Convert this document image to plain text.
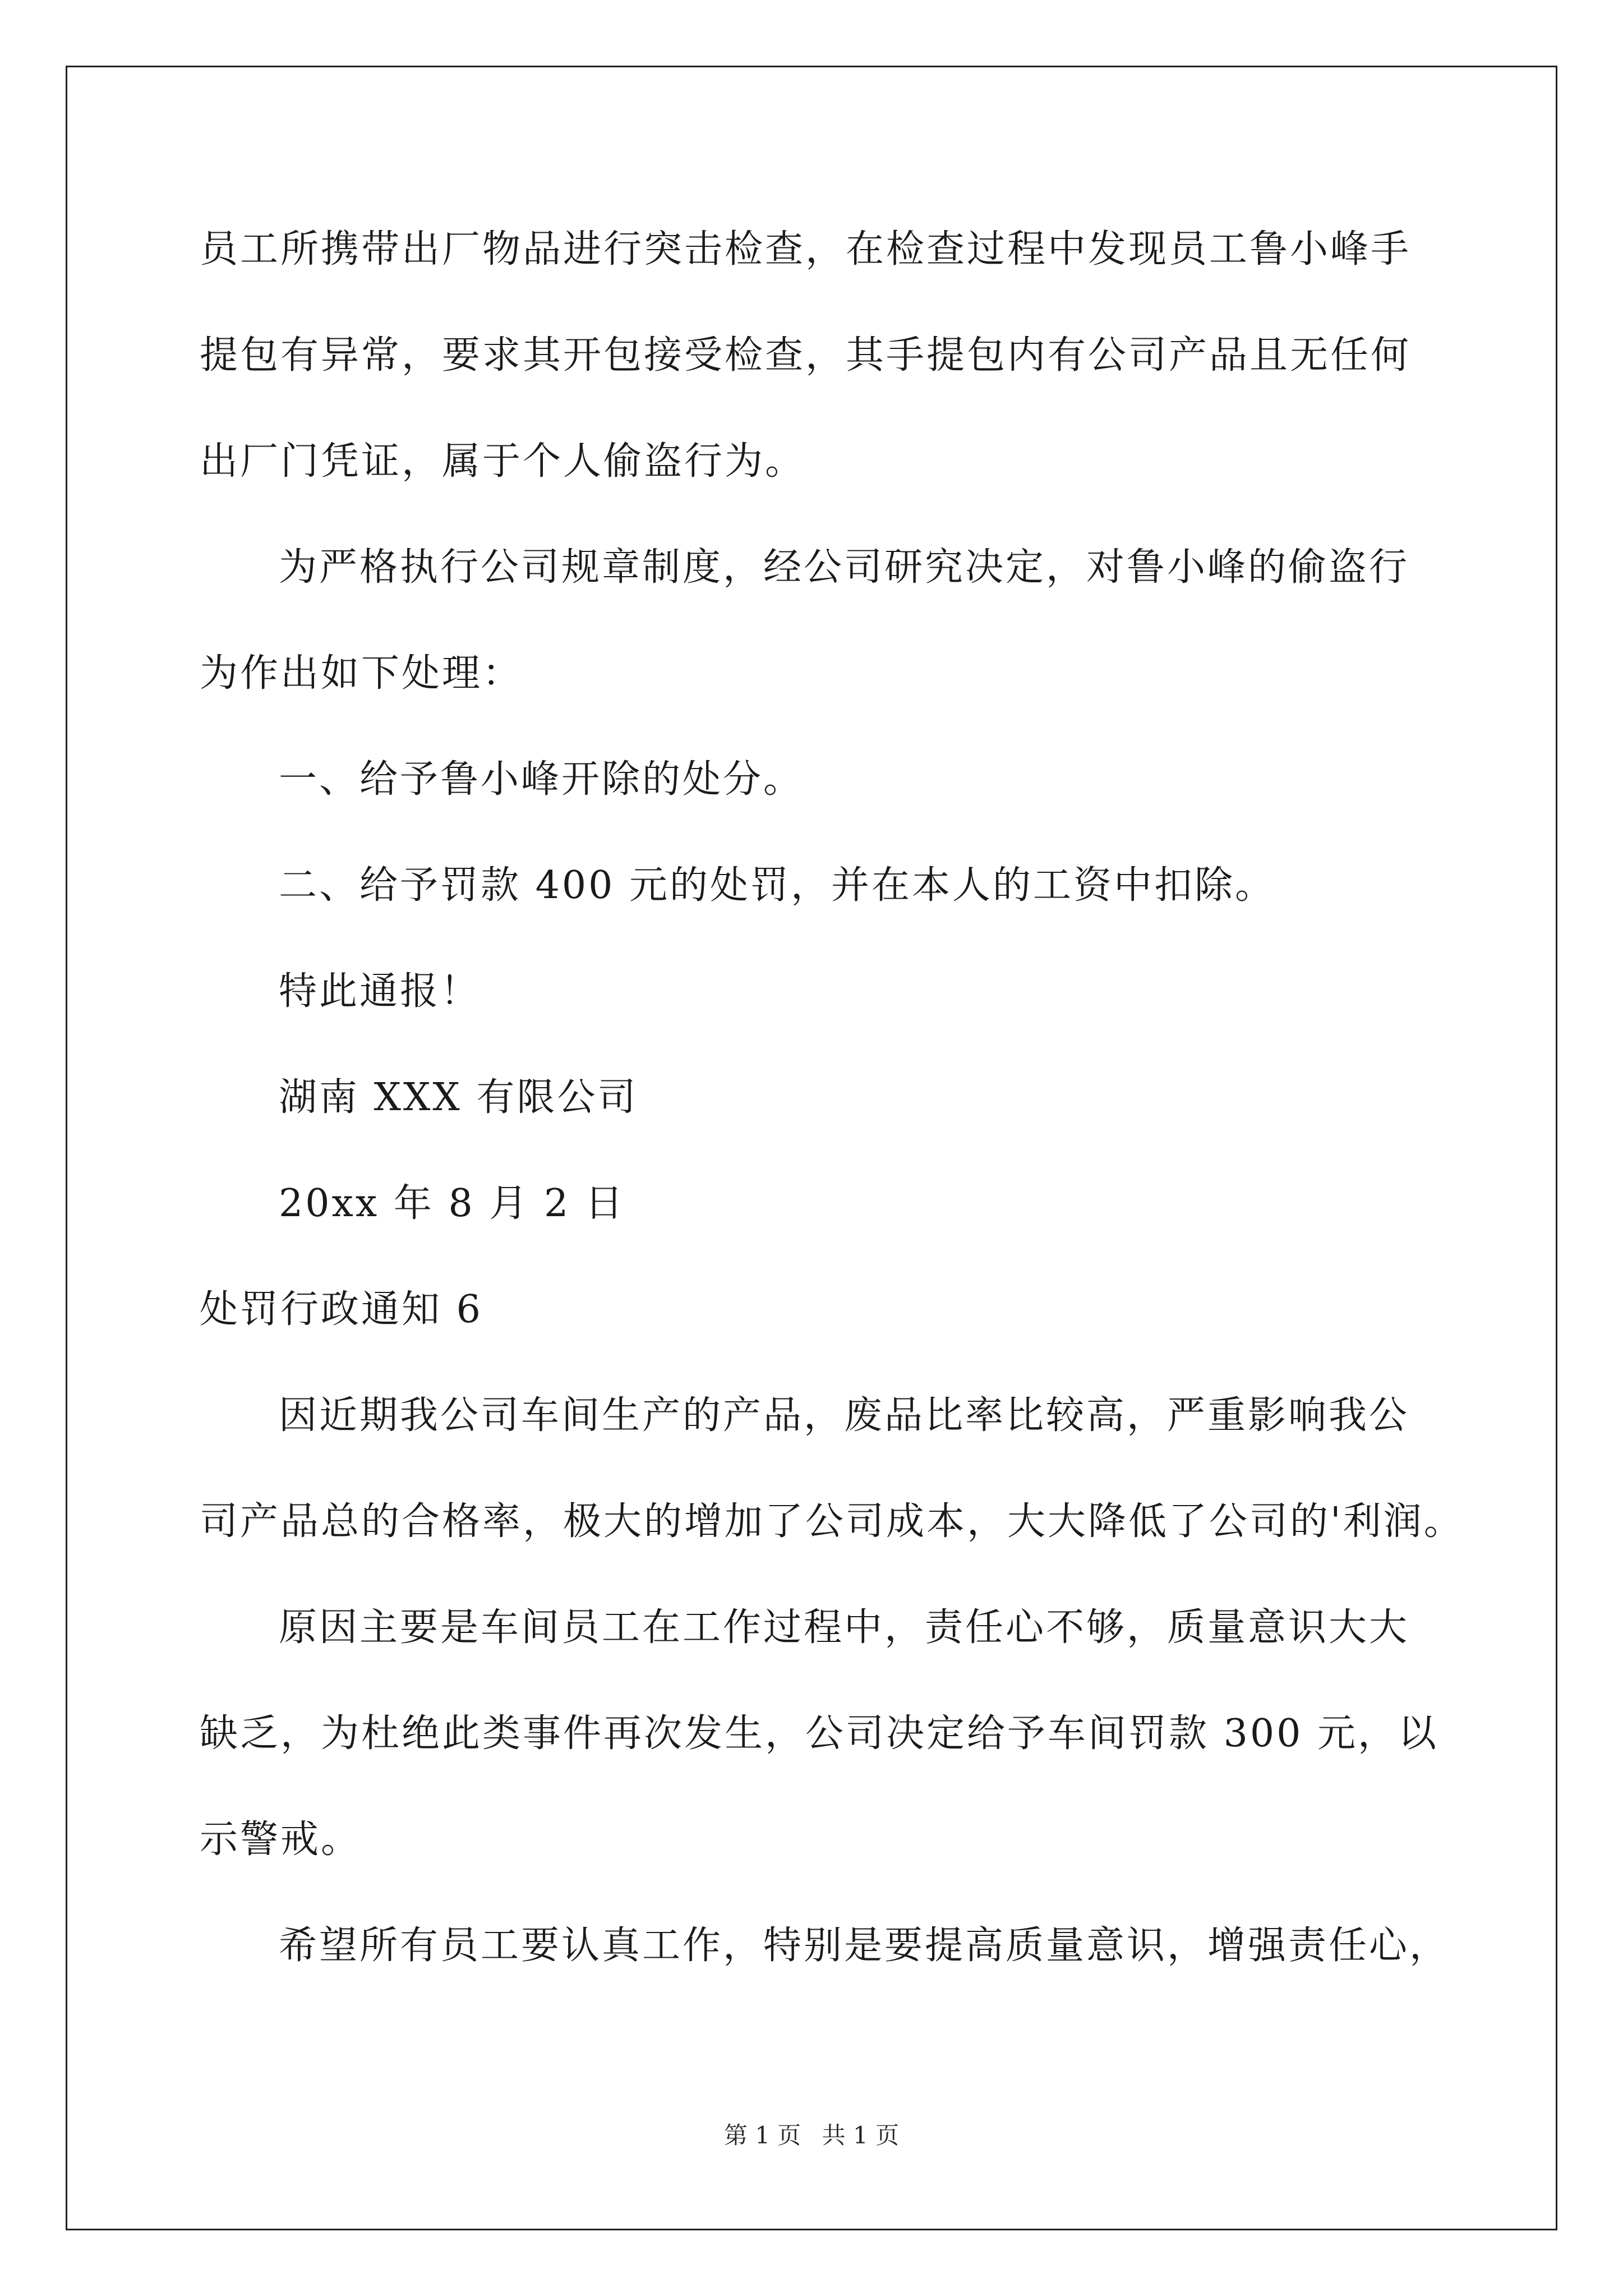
员工所携带出厂物品进行突击检查，在检查过程中发现员工鲁小峰手
提包有异常，要求其开包接受检查，其手提包内有公司产品且无任何
出厂门凭证，属于个人偷盗行为。
为严格执行公司规章制度，经公司研究决定，对鲁小峰的偷盗行
为作出如下处理：
一、给予鲁小峰开除的处分。
二、给予罚款 400 元的处罚，并在本人的工资中扣除。
特此通报！
湖南 XXX 有限公司
20xx 年 8 月 2 日
处罚行政通知 6
因近期我公司车间生产的产品，废品比率比较高，严重影响我公
司产品总的合格率，极大的增加了公司成本，大大降低了公司的'利润。
原因主要是车间员工在工作过程中，责任心不够，质量意识大大
缺乏，为杜绝此类事件再次发生，公司决定给予车间罚款 300 元，以
示警戒。
希望所有员工要认真工作，特别是要提高质量意识，增强责任心，
第 1 页 共 1 页
